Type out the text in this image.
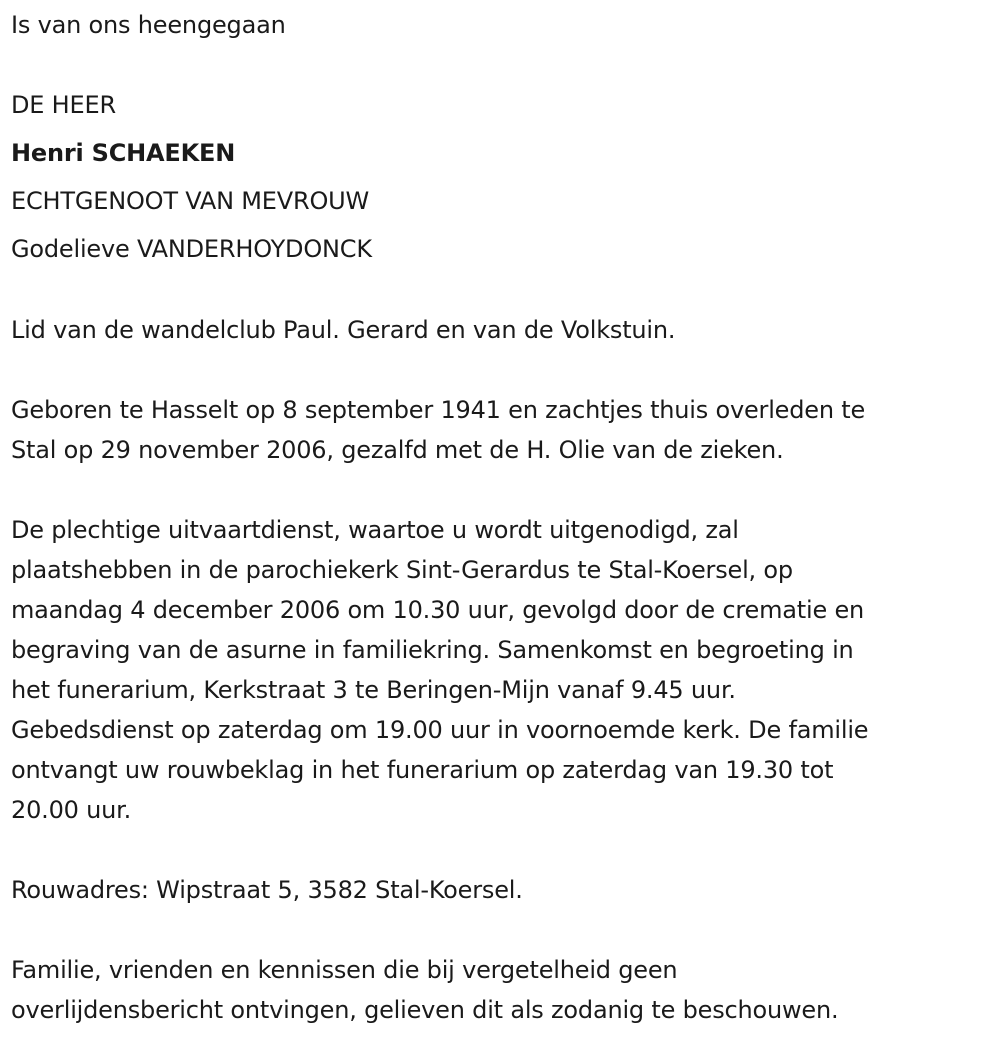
Is van ons heengegaan
DE HEER
Henri SCHAEKEN
ECHTGENOOT VAN MEVROUW
Godelieve VANDERHOYDONCK
Lid van de wandelclub Paul. Gerard en van de Volkstuin.
Geboren te Hasselt op 8 september 1941 en zachtjes thuis overleden te
Stal op 29 november 2006, gezalfd met de H. Olie van de zieken.
De plechtige uitvaartdienst, waartoe u wordt uitgenodigd, zal
plaatshebben in de parochiekerk Sint-Gerardus te Stal-Koersel, op
maandag 4 december 2006 om 10.30 uur, gevolgd door de crematie en
begraving van de asurne in familiekring. Samenkomst en begroeting in
het funerarium, Kerkstraat 3 te Beringen-Mijn vanaf 9.45 uur.
Gebedsdienst op zaterdag om 19.00 uur in voornoemde kerk. De familie
ontvangt uw rouwbeklag in het funerarium op zaterdag van 19.30 tot
20.00 uur.
Rouwadres: Wipstraat 5, 3582 Stal-Koersel.
Familie, vrienden en kennissen die bij vergetelheid geen
overlijdensbericht ontvingen, gelieven dit als zodanig te beschouwen.
